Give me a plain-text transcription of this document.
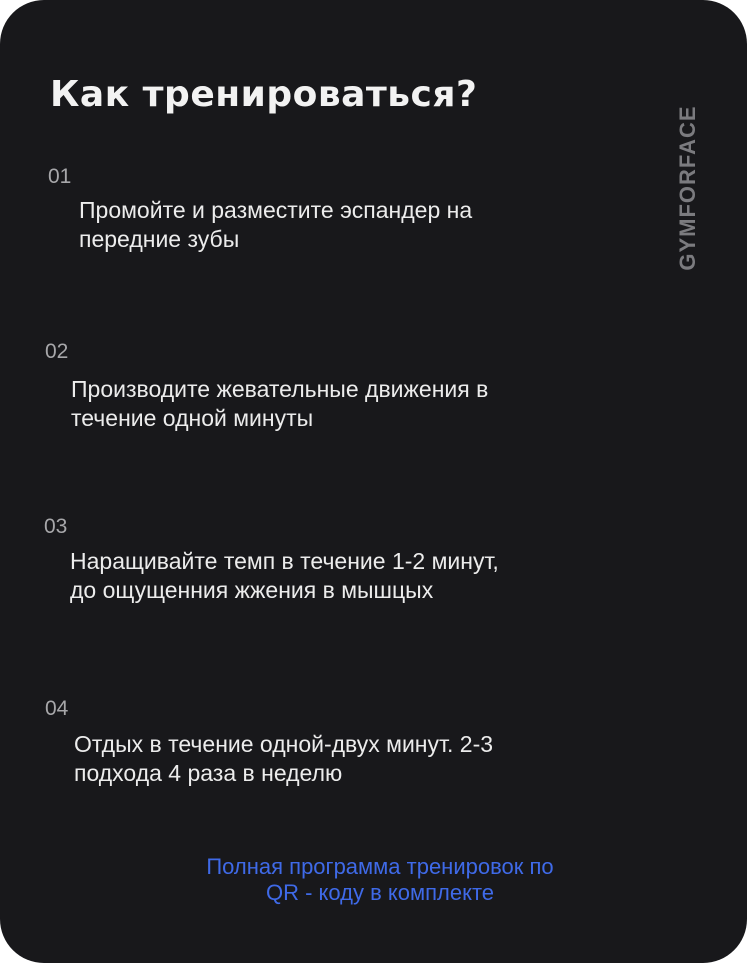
Как тренироваться?
GYMFORFACE
01

Промойте и разместите эспандер на
передние зубы

02

Производите жевательные движения в
течение одной минуты

03

Наращивайте темп в течение 1-2 минут,
до ощущенния жжения в мышцых

04

Отдых в течение одной-двух минут. 2-3
подхода 4 раза в неделю

Полная программа тренировок по
QR - коду в комплекте
